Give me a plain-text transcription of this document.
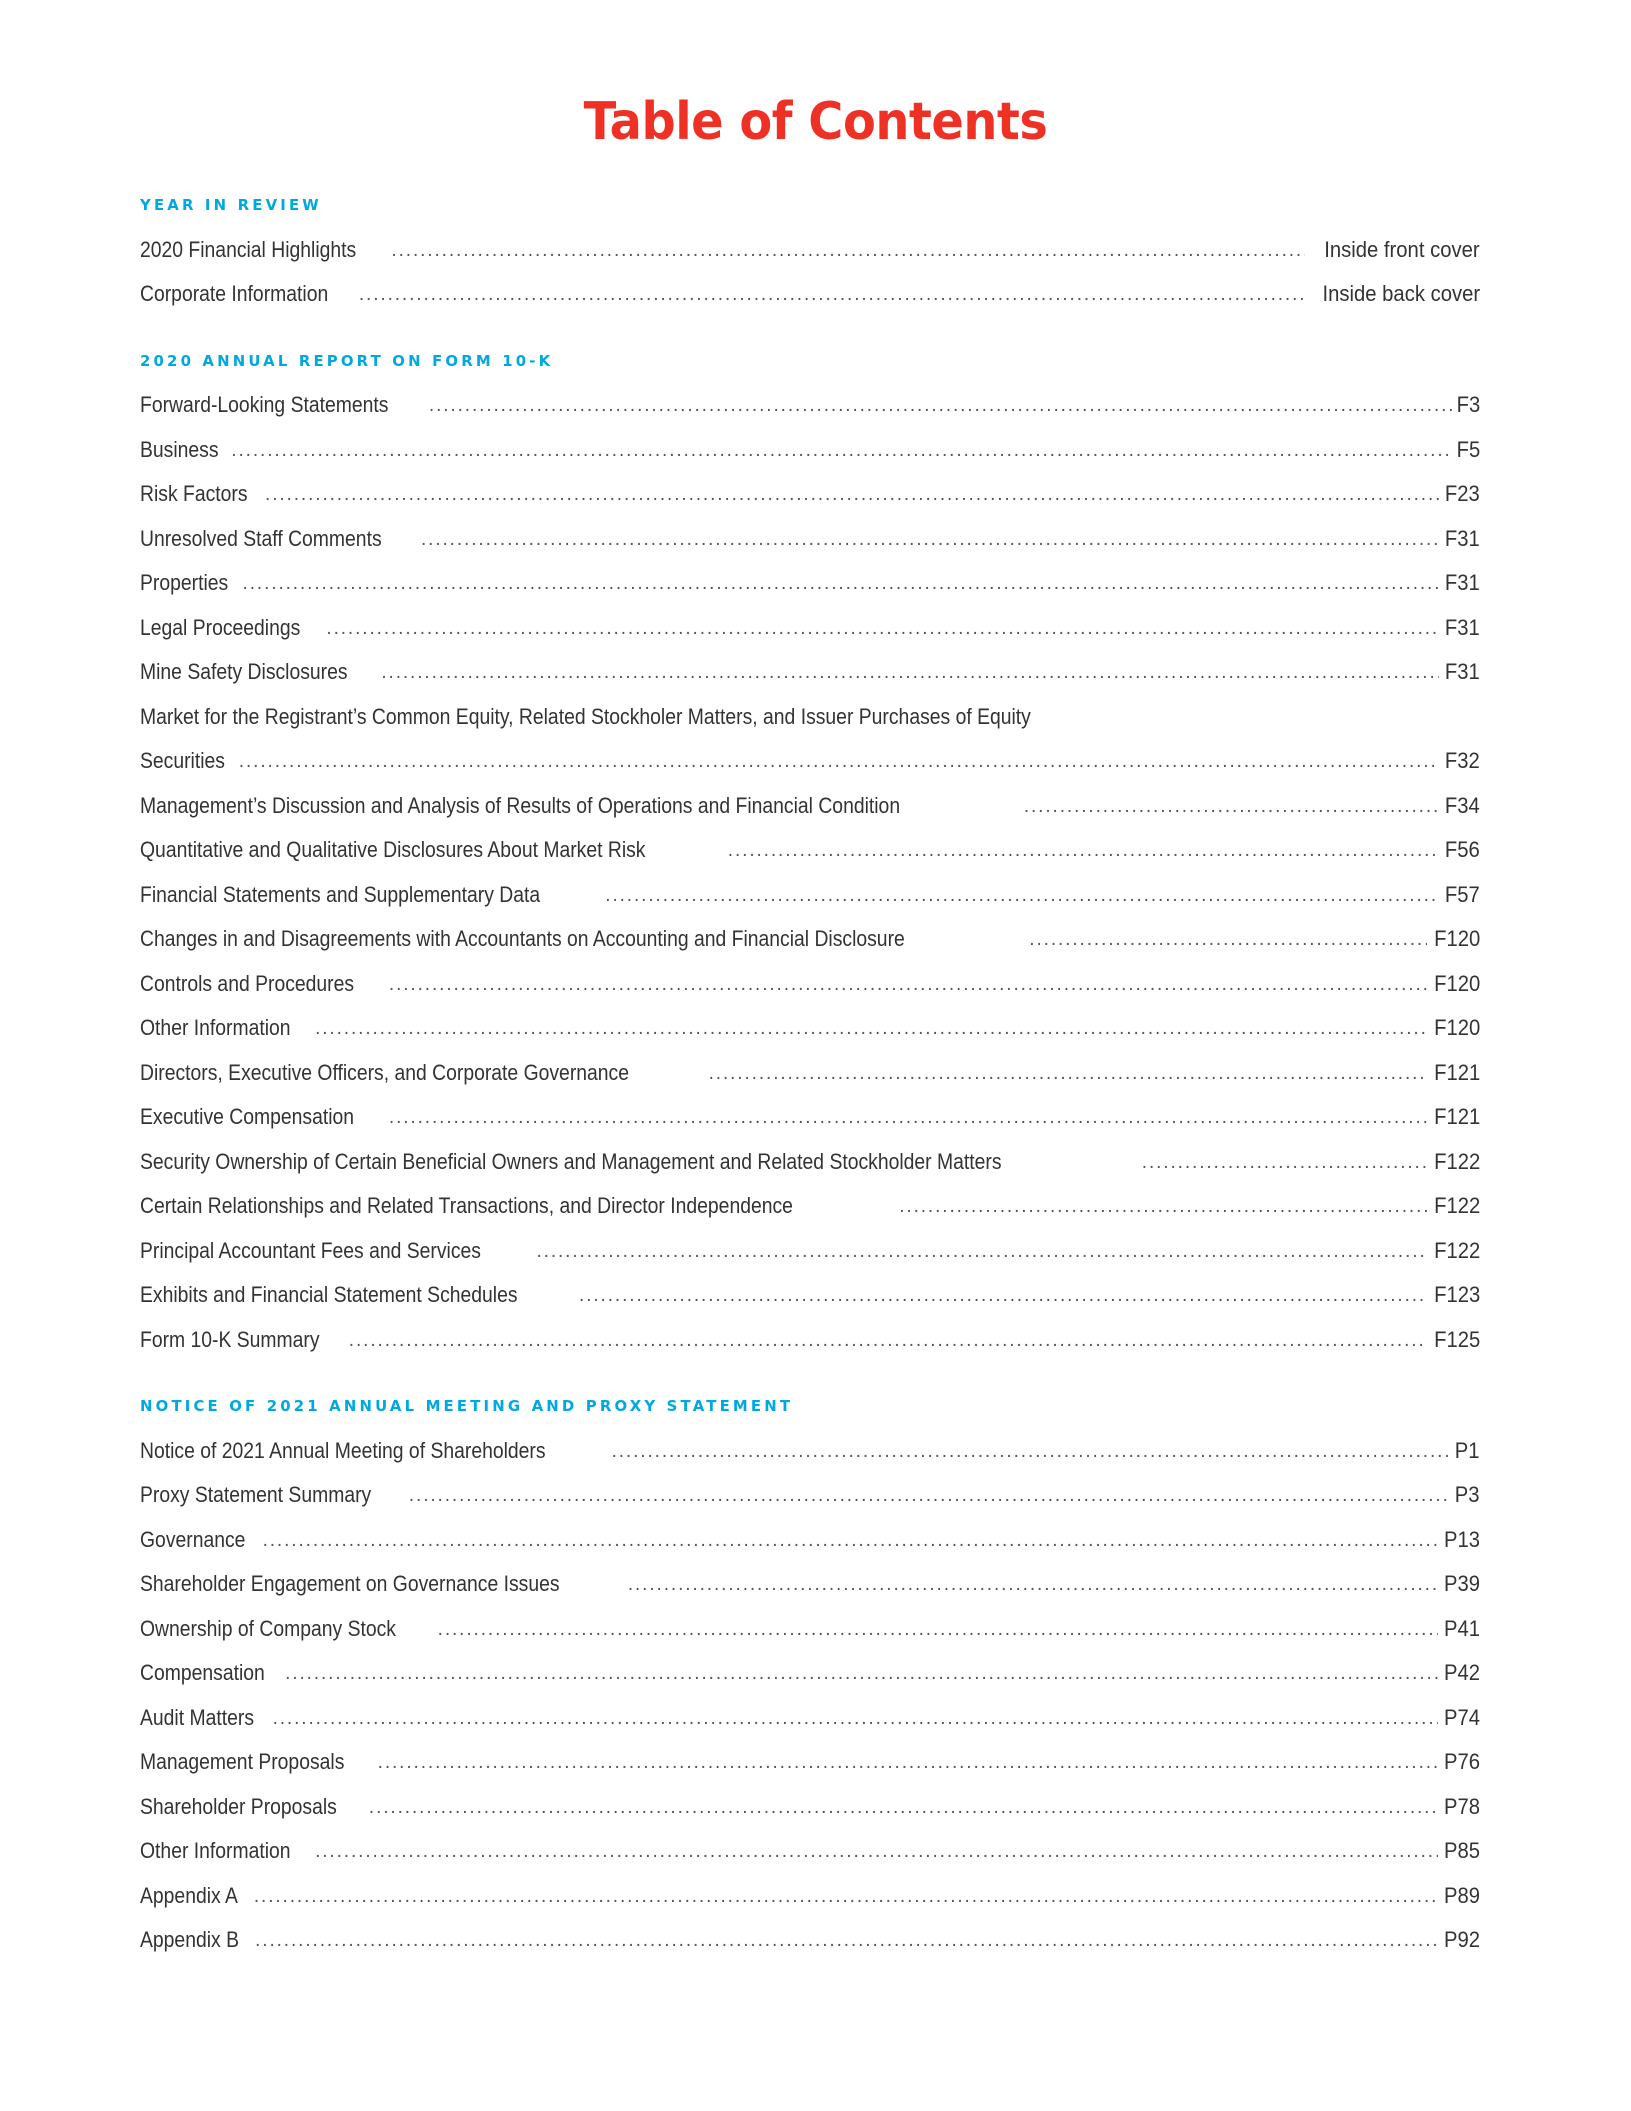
Table of Contents
YEAR IN REVIEW
2020 Financial Highlights .....	Inside front cover
Corporate Information .....	Inside back cover
2020 ANNUAL REPORT ON FORM 10-K
Forward-Looking Statements .....	F3
Business .....	F5
Risk Factors .....	F23
Unresolved Staff Comments .....	F31
Properties .....	F31
Legal Proceedings .....	F31
Mine Safety Disclosures .....	F31
Market for the Registrant’s Common Equity, Related Stockholer Matters, and Issuer Purchases of Equity
Securities .....	F32
Management’s Discussion and Analysis of Results of Operations and Financial Condition .....	F34
Quantitative and Qualitative Disclosures About Market Risk .....	F56
Financial Statements and Supplementary Data .....	F57
Changes in and Disagreements with Accountants on Accounting and Financial Disclosure .....	F120
Controls and Procedures .....	F120
Other Information .....	F120
Directors, Executive Officers, and Corporate Governance .....	F121
Executive Compensation .....	F121
Security Ownership of Certain Beneficial Owners and Management and Related Stockholder Matters .....	F122
Certain Relationships and Related Transactions, and Director Independence .....	F122
Principal Accountant Fees and Services .....	F122
Exhibits and Financial Statement Schedules .....	F123
Form 10-K Summary .....	F125
NOTICE OF 2021 ANNUAL MEETING AND PROXY STATEMENT
Notice of 2021 Annual Meeting of Shareholders .....	P1
Proxy Statement Summary .....	P3
Governance .....	P13
Shareholder Engagement on Governance Issues .....	P39
Ownership of Company Stock .....	P41
Compensation .....	P42
Audit Matters .....	P74
Management Proposals .....	P76
Shareholder Proposals .....	P78
Other Information .....	P85
Appendix A .....	P89
Appendix B .....	P92
